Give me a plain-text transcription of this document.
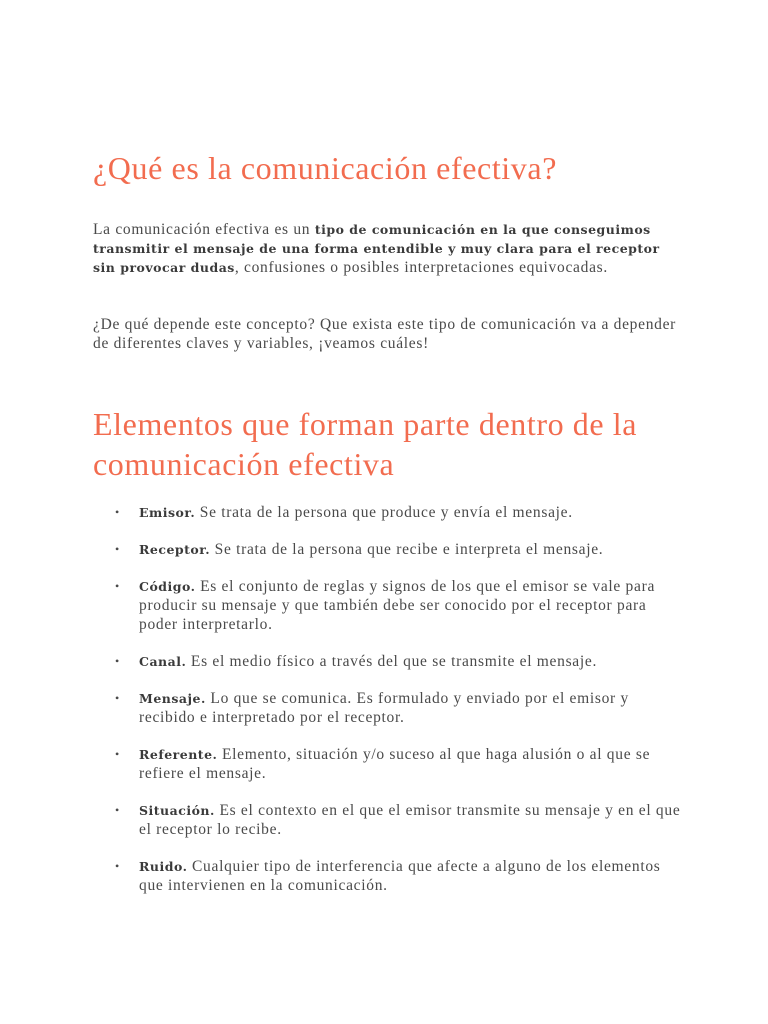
¿Qué es la comunicación efectiva?

La comunicación efectiva es un tipo de comunicación en la que conseguimos transmitir el mensaje de una forma entendible y muy clara para el receptor sin provocar dudas, confusiones o posibles interpretaciones equivocadas.

¿De qué depende este concepto? Que exista este tipo de comunicación va a depender de diferentes claves y variables, ¡veamos cuáles!

Elementos que forman parte dentro de la comunicación efectiva
• Emisor. Se trata de la persona que produce y envía el mensaje.
• Receptor. Se trata de la persona que recibe e interpreta el mensaje.
• Código. Es el conjunto de reglas y signos de los que el emisor se vale para producir su mensaje y que también debe ser conocido por el receptor para poder interpretarlo.
• Canal. Es el medio físico a través del que se transmite el mensaje.
• Mensaje. Lo que se comunica. Es formulado y enviado por el emisor y recibido e interpretado por el receptor.
• Referente. Elemento, situación y/o suceso al que haga alusión o al que se refiere el mensaje.
• Situación. Es el contexto en el que el emisor transmite su mensaje y en el que el receptor lo recibe.
• Ruido. Cualquier tipo de interferencia que afecte a alguno de los elementos que intervienen en la comunicación.
